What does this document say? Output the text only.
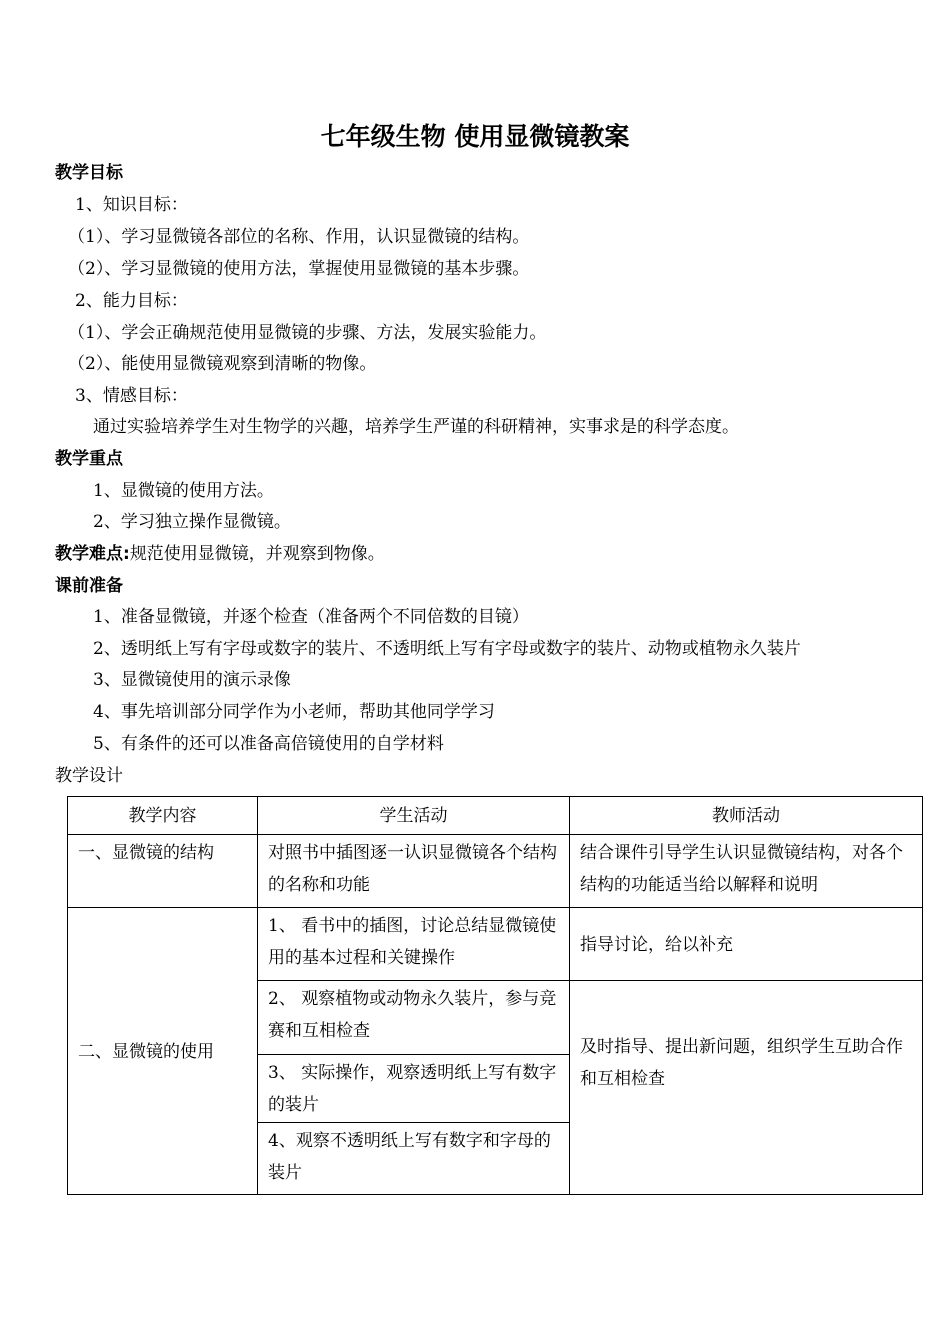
七年级生物 使用显微镜教案
教学目标
1、知识目标：
（1）、学习显微镜各部位的名称、作用，认识显微镜的结构。
（2）、学习显微镜的使用方法，掌握使用显微镜的基本步骤。
2、能力目标：
（1）、学会正确规范使用显微镜的步骤、方法，发展实验能力。
（2）、能使用显微镜观察到清晰的物像。
3、情感目标：
通过实验培养学生对生物学的兴趣，培养学生严谨的科研精神，实事求是的科学态度。
教学重点
1、显微镜的使用方法。
2、学习独立操作显微镜。
教学难点:规范使用显微镜，并观察到物像。
课前准备
1、准备显微镜，并逐个检查（准备两个不同倍数的目镜）
2、透明纸上写有字母或数字的装片、不透明纸上写有字母或数字的装片、动物或植物永久装片
3、显微镜使用的演示录像
4、事先培训部分同学作为小老师，帮助其他同学学习
5、有条件的还可以准备高倍镜使用的自学材料
教学设计
教学内容	学生活动	教师活动

一、显微镜的结构	对照书中插图逐一认识显微镜各个结构的名称和功能	结合课件引导学生认识显微镜结构，对各个结构的功能适当给以解释和说明

二、显微镜的使用	1、 看书中的插图，讨论总结显微镜使用的基本过程和关键操作	指导讨论，给以补充

	2、 观察植物或动物永久装片，参与竞赛和互相检查	及时指导、提出新问题，组织学生互助合作和互相检查

	3、 实际操作，观察透明纸上写有数字的装片	

	4、观察不透明纸上写有数字和字母的装片	
